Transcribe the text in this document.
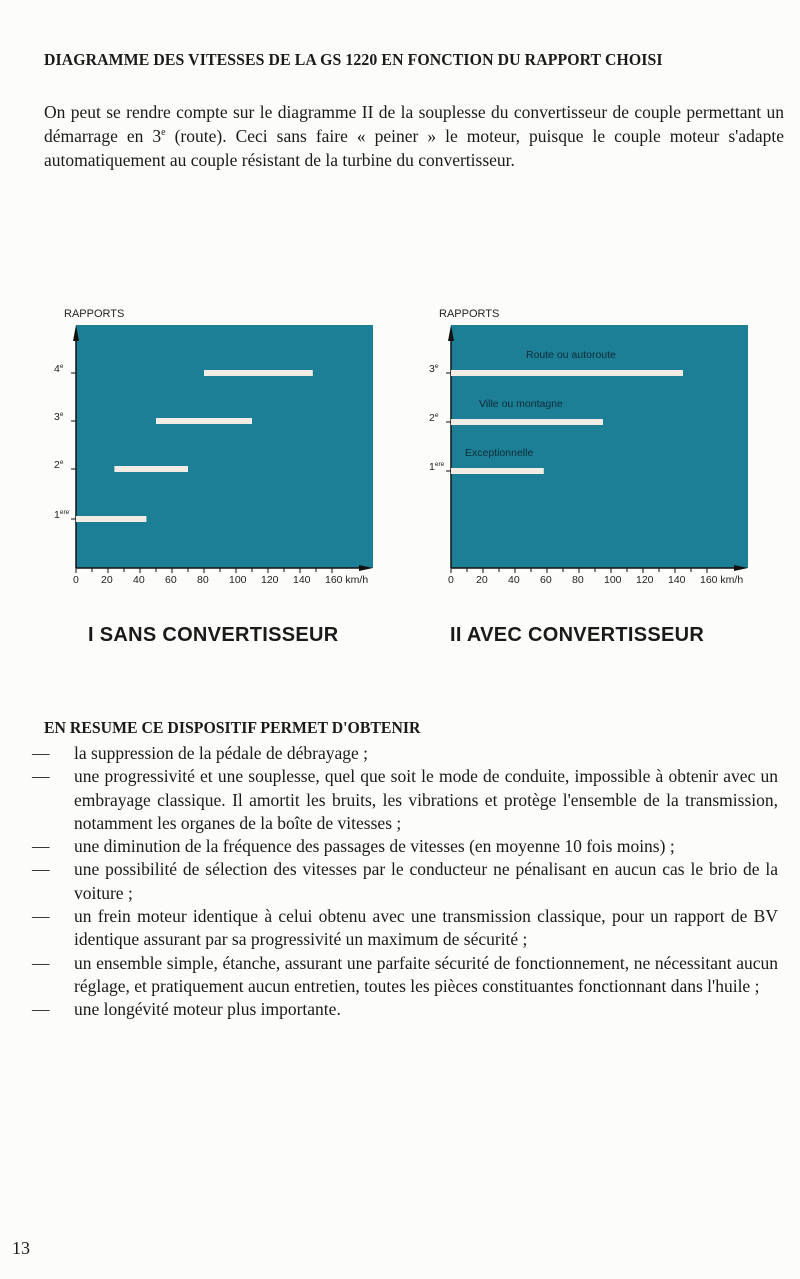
DIAGRAMME DES VITESSES DE LA GS 1220 EN FONCTION DU RAPPORT CHOISI

On peut se rendre compte sur le diagramme II de la souplesse du convertisseur de couple permettant un démarrage en 3e (route). Ceci sans faire « peiner » le moteur, puisque le couple moteur s'adapte automatiquement au couple résistant de la turbine du convertisseur.

RAPPORTS
0 20 40 60 80 100 120 140 160 km/h
1ere
2e
3e
4e
RAPPORTS
0 20 40 60 80 100 120 140 160 km/h
1ere
Exceptionnelle
2e
Ville ou montagne
3e
Route ou autoroute
I SANS CONVERTISSEUR	II AVEC CONVERTISSEUR
EN RESUME CE DISPOSITIF PERMET D'OBTENIR
— la suppression de la pédale de débrayage ;
— une progressivité et une souplesse, quel que soit le mode de conduite, impossible à obtenir avec un embrayage classique. Il amortit les bruits, les vibrations et protège l'ensemble de la transmission, notamment les organes de la boîte de vitesses ;
— une diminution de la fréquence des passages de vitesses (en moyenne 10 fois moins) ;
— une possibilité de sélection des vitesses par le conducteur ne pénalisant en aucun cas le brio de la voiture ;
— un frein moteur identique à celui obtenu avec une transmission classique, pour un rapport de BV identique assurant par sa progressivité un maximum de sécurité ;
— un ensemble simple, étanche, assurant une parfaite sécurité de fonctionnement, ne nécessitant aucun réglage, et pratiquement aucun entretien, toutes les pièces constituantes fonctionnant dans l'huile ;
— une longévité moteur plus importante.
13
